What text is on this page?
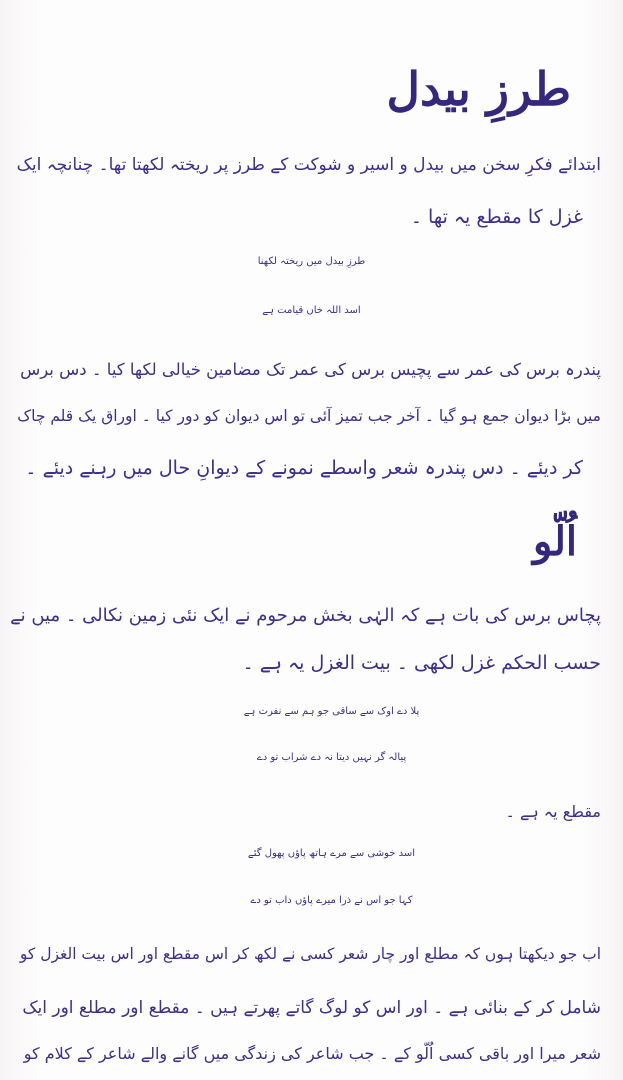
طرزِ بیدل
ابتدائے فکرِ سخن میں بیدل و اسیر و شوکت کے طرز پر ریختہ لکھتا تھا۔ چنانچہ ایک
غزل کا مقطع یہ تھا ۔
طرزِ بیدل میں ریختہ لکھنا
اسد اللہ خاں قیامت ہے
پندرہ برس کی عمر سے پچیس برس کی عمر تک مضامین خیالی لکھا کیا ۔ دس برس
میں بڑا دیوان جمع ہو گیا ۔ آخر جب تمیز آئی تو اس دیوان کو دور کیا ۔ اوراق یک قلم چاک
کر دیئے ۔ دس پندرہ شعر واسطے نمونے کے دیوانِ حال میں رہنے دیئے ۔
اُلّو
پچاس برس کی بات ہے کہ الہٰی بخش مرحوم نے ایک نئی زمین نکالی ۔ میں نے
حسب الحکم غزل لکھی ۔ بیت الغزل یہ ہے ۔
پلا دے اوک سے ساقی جو ہم سے نفرت ہے
پیالہ گر نہیں دیتا نہ دے شراب تو دے
مقطع یہ ہے ۔
اسد خوشی سے مرے ہاتھ پاؤں پھول گئے
کہا جو اس نے ذرا میرے پاؤں داب تو دے
اب جو دیکھتا ہوں کہ مطلع اور چار شعر کسی نے لکھ کر اس مقطع اور اس بیت الغزل کو
شامل کر کے بنائی ہے ۔ اور اس کو لوگ گاتے پھرتے ہیں ۔ مقطع اور مطلع اور ایک
شعر میرا اور باقی کسی اُلّو کے ۔ جب شاعر کی زندگی میں گانے والے شاعر کے کلام کو
